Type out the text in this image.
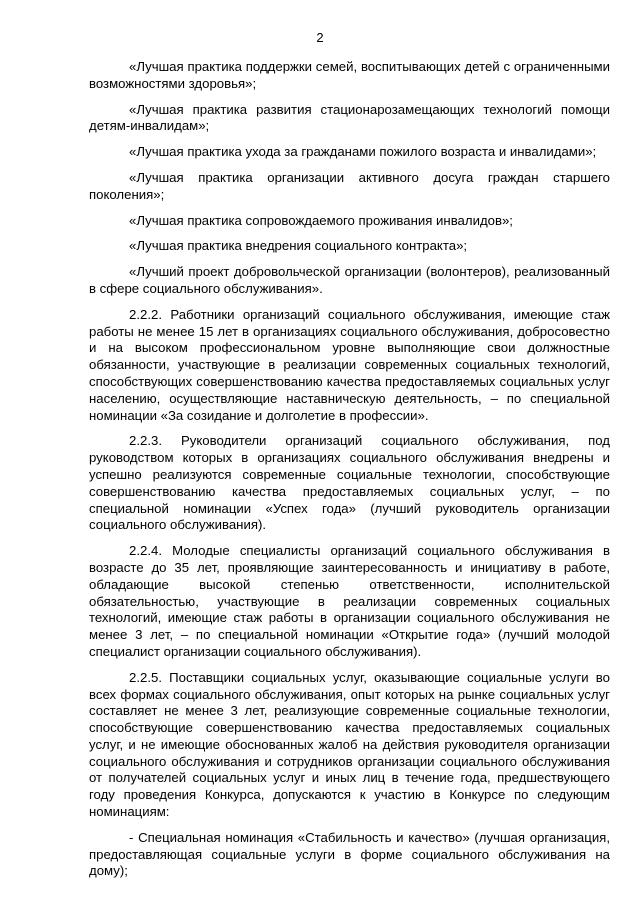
2

«Лучшая практика поддержки семей, воспитывающих детей с ограниченными возможностями здоровья»;

«Лучшая практика развития стационарозамещающих технологий помощи детям-инвалидам»;

«Лучшая практика ухода за гражданами пожилого возраста и инвалидами»;

«Лучшая практика организации активного досуга граждан старшего поколения»;

«Лучшая практика сопровождаемого проживания инвалидов»;

«Лучшая практика внедрения социального контракта»;

«Лучший проект добровольческой организации (волонтеров), реализованный в сфере социального обслуживания».

2.2.2. Работники организаций социального обслуживания, имеющие стаж работы не менее 15 лет в организациях социального обслуживания, добросовестно и на высоком профессиональном уровне выполняющие свои должностные обязанности, участвующие в реализации современных социальных технологий, способствующих совершенствованию качества предоставляемых социальных услуг населению, осуществляющие наставническую деятельность, – по специальной номинации «За созидание и долголетие в профессии».

2.2.3. Руководители организаций социального обслуживания, под руководством которых в организациях социального обслуживания внедрены и успешно реализуются современные социальные технологии, способствующие совершенствованию качества предоставляемых социальных услуг, – по специальной номинации «Успех года» (лучший руководитель организации социального обслуживания).

2.2.4. Молодые специалисты организаций социального обслуживания в возрасте до 35 лет, проявляющие заинтересованность и инициативу в работе, обладающие высокой степенью ответственности, исполнительской обязательностью, участвующие в реализации современных социальных технологий, имеющие стаж работы в организации социального обслуживания не менее 3 лет, – по специальной номинации «Открытие года» (лучший молодой специалист организации социального обслуживания).

2.2.5. Поставщики социальных услуг, оказывающие социальные услуги во всех формах социального обслуживания, опыт которых на рынке социальных услуг составляет не менее 3 лет, реализующие современные социальные технологии, способствующие совершенствованию качества предоставляемых социальных услуг, и не имеющие обоснованных жалоб на действия руководителя организации социального обслуживания и сотрудников организации социального обслуживания от получателей социальных услуг и иных лиц в течение года, предшествующего году проведения Конкурса, допускаются к участию в Конкурсе по следующим номинациям:

- Специальная номинация «Стабильность и качество» (лучшая организация, предоставляющая социальные услуги в форме социального обслуживания на дому);
